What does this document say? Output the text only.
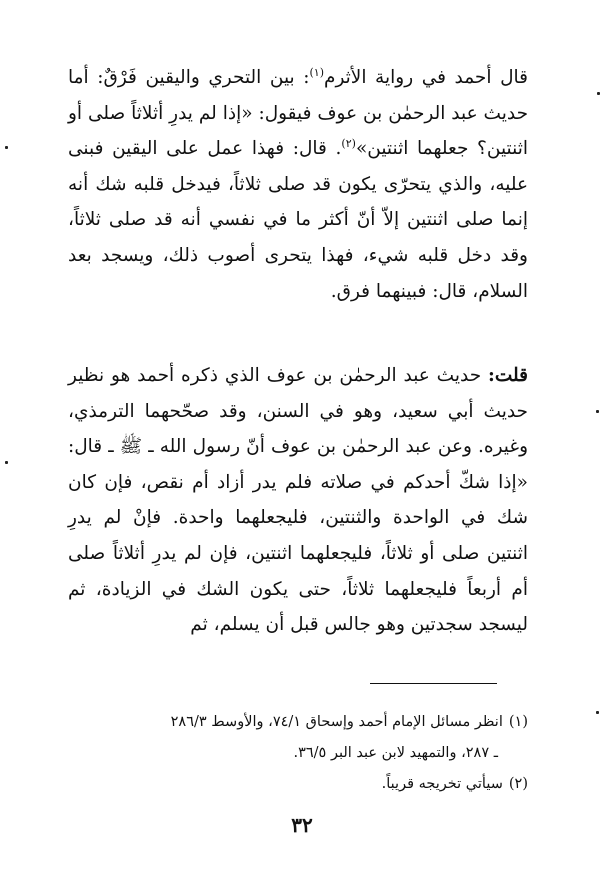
قال أحمد في رواية الأثرم$^{(١)}$: بين التحري واليقين فَرْقٌ: أما حديث عبد الرحمٰن بن عوف فيقول: «إذا لم يدرِ أثلاثاً صلى أو اثنتين؟ جعلهما اثنتين»$^{(٢)}$. قال: فهذا عمل على اليقين فبنى عليه، والذي يتحرّى يكون قد صلى ثلاثاً، فيدخل قلبه شك أنه إنما صلى اثنتين إلاّ أنّ أكثر ما في نفسي أنه قد صلى ثلاثاً، وقد دخل قلبه شيء، فهذا يتحرى أصوب ذلك، ويسجد بعد السلام، قال: فبينهما فرق.

قلت: حديث عبد الرحمٰن بن عوف الذي ذكره أحمد هو نظير حديث أبي سعيد، وهو في السنن، وقد صحّحهما الترمذي، وغيره. وعن عبد الرحمٰن بن عوف أنّ رسول الله ـ ﷺ ـ قال: «إذا شكّ أحدكم في صلاته فلم يدر أزاد أم نقص، فإن كان شك في الواحدة والثنتين، فليجعلهما واحدة. فإنْ لم يدرِ اثنتين صلى أو ثلاثاً، فليجعلهما اثنتين، فإن لم يدرِ أثلاثاً صلى أم أربعاً فليجعلهما ثلاثاً، حتى يكون الشك في الزيادة، ثم ليسجد سجدتين وهو جالس قبل أن يسلم، ثم

(١)انظر مسائل الإمام أحمد وإسحاق ٧٤/١، والأوسط ٢٨٦/٣

ـ ٢٨٧، والتمهيد لابن عبد البر ٣٦/٥.

(٢)سيأتي تخريجه قريباً.

٣٢
